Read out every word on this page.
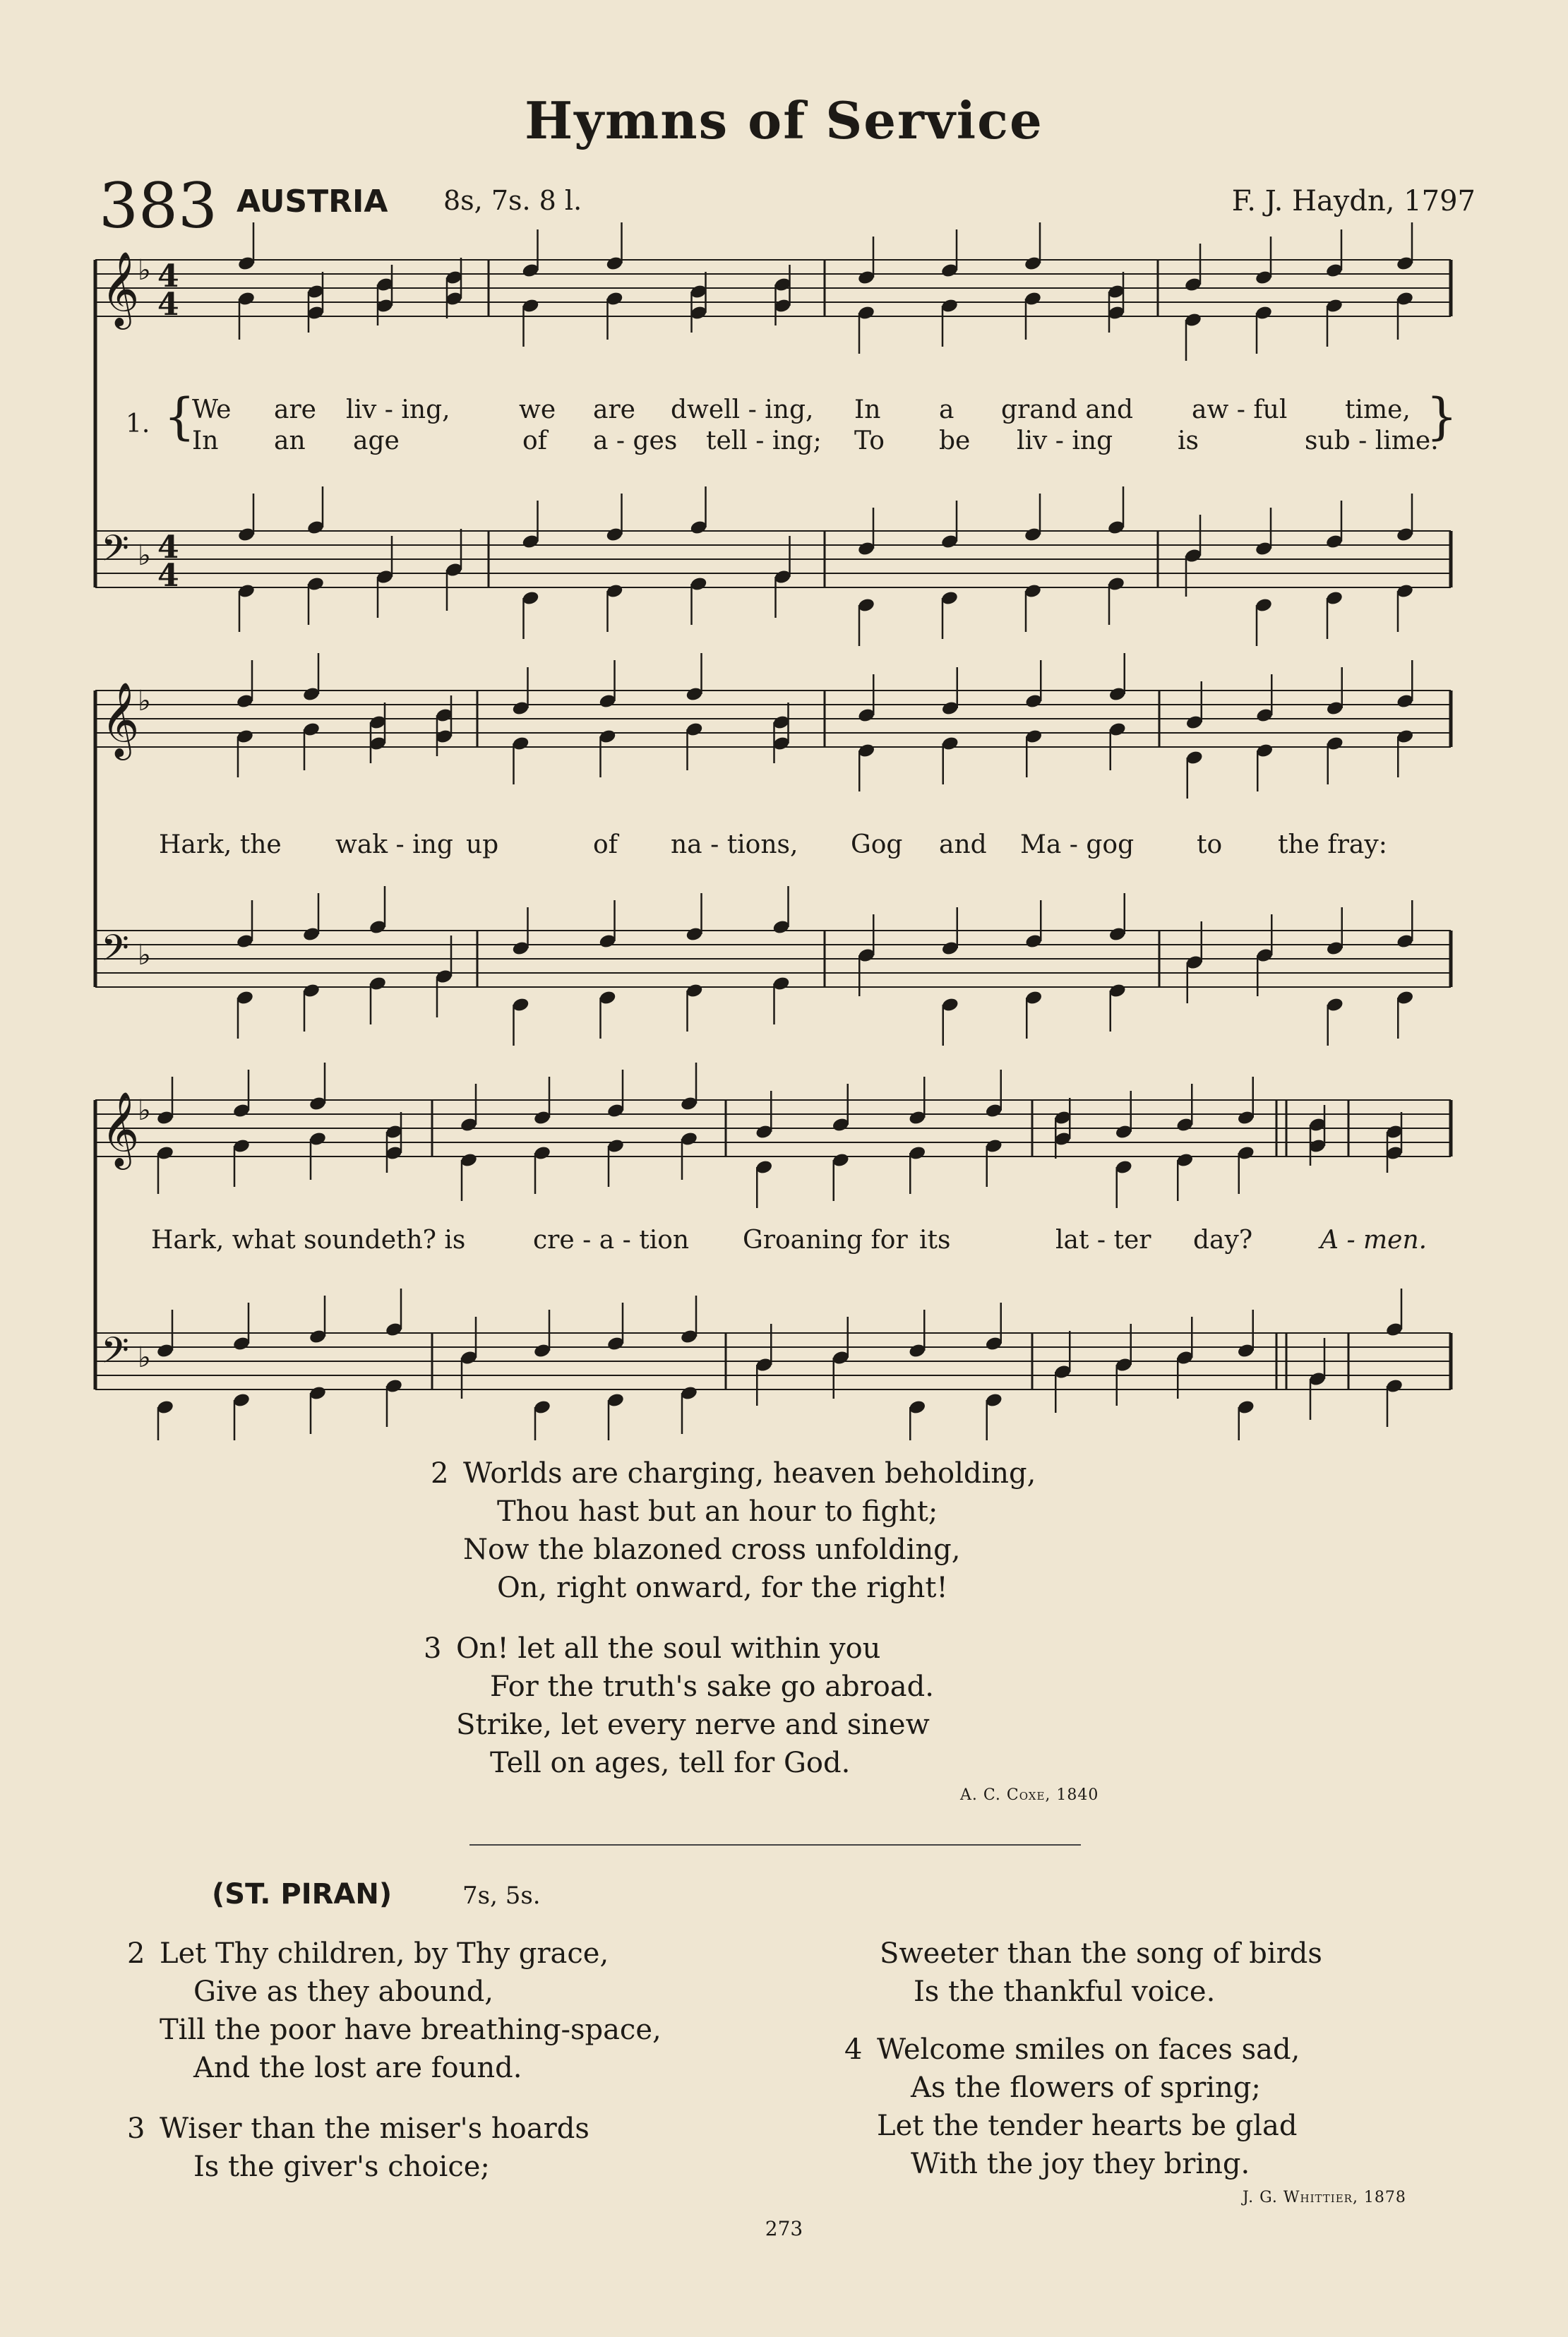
Hymns of Service
383 AUSTRIA 8s, 7s. 8 l.	F. J. Haydn, 1797
𝄞
♭ 4
4
𝄢 ♭ 4
4
𝄞
♭
𝄢 ♭
𝄞
♭
𝄢 ♭
1. {	}
We are liv - ing,	we are dwell - ing, In a grand and aw - ful time,
In an age	of a - ges tell - ing; To be liv - ing	is	sub - lime.
Hark, the wak - ing up	of na - tions, Gog and Ma - gog to the fray:
Hark, what soundeth? is	cre - a - tion Groaning for its	lat - ter day?	A - men.
2 Worlds are charging, heaven beholding,
Thou hast but an hour to fight;
Now the blazoned cross unfolding,
On, right onward, for the right!
3 On! let all the soul within you
For the truth's sake go abroad.
Strike, let every nerve and sinew
Tell on ages, tell for God.
A. C. Coxe, 1840
(ST. PIRAN)	7s, 5s.
2 Let Thy children, by Thy grace,
Give as they abound,
Till the poor have breathing-space,
And the lost are found.
3 Wiser than the miser's hoards
Is the giver's choice;
Sweeter than the song of birds
Is the thankful voice.
4 Welcome smiles on faces sad,
As the flowers of spring;
Let the tender hearts be glad
With the joy they bring.
J. G. Whittier, 1878
273
